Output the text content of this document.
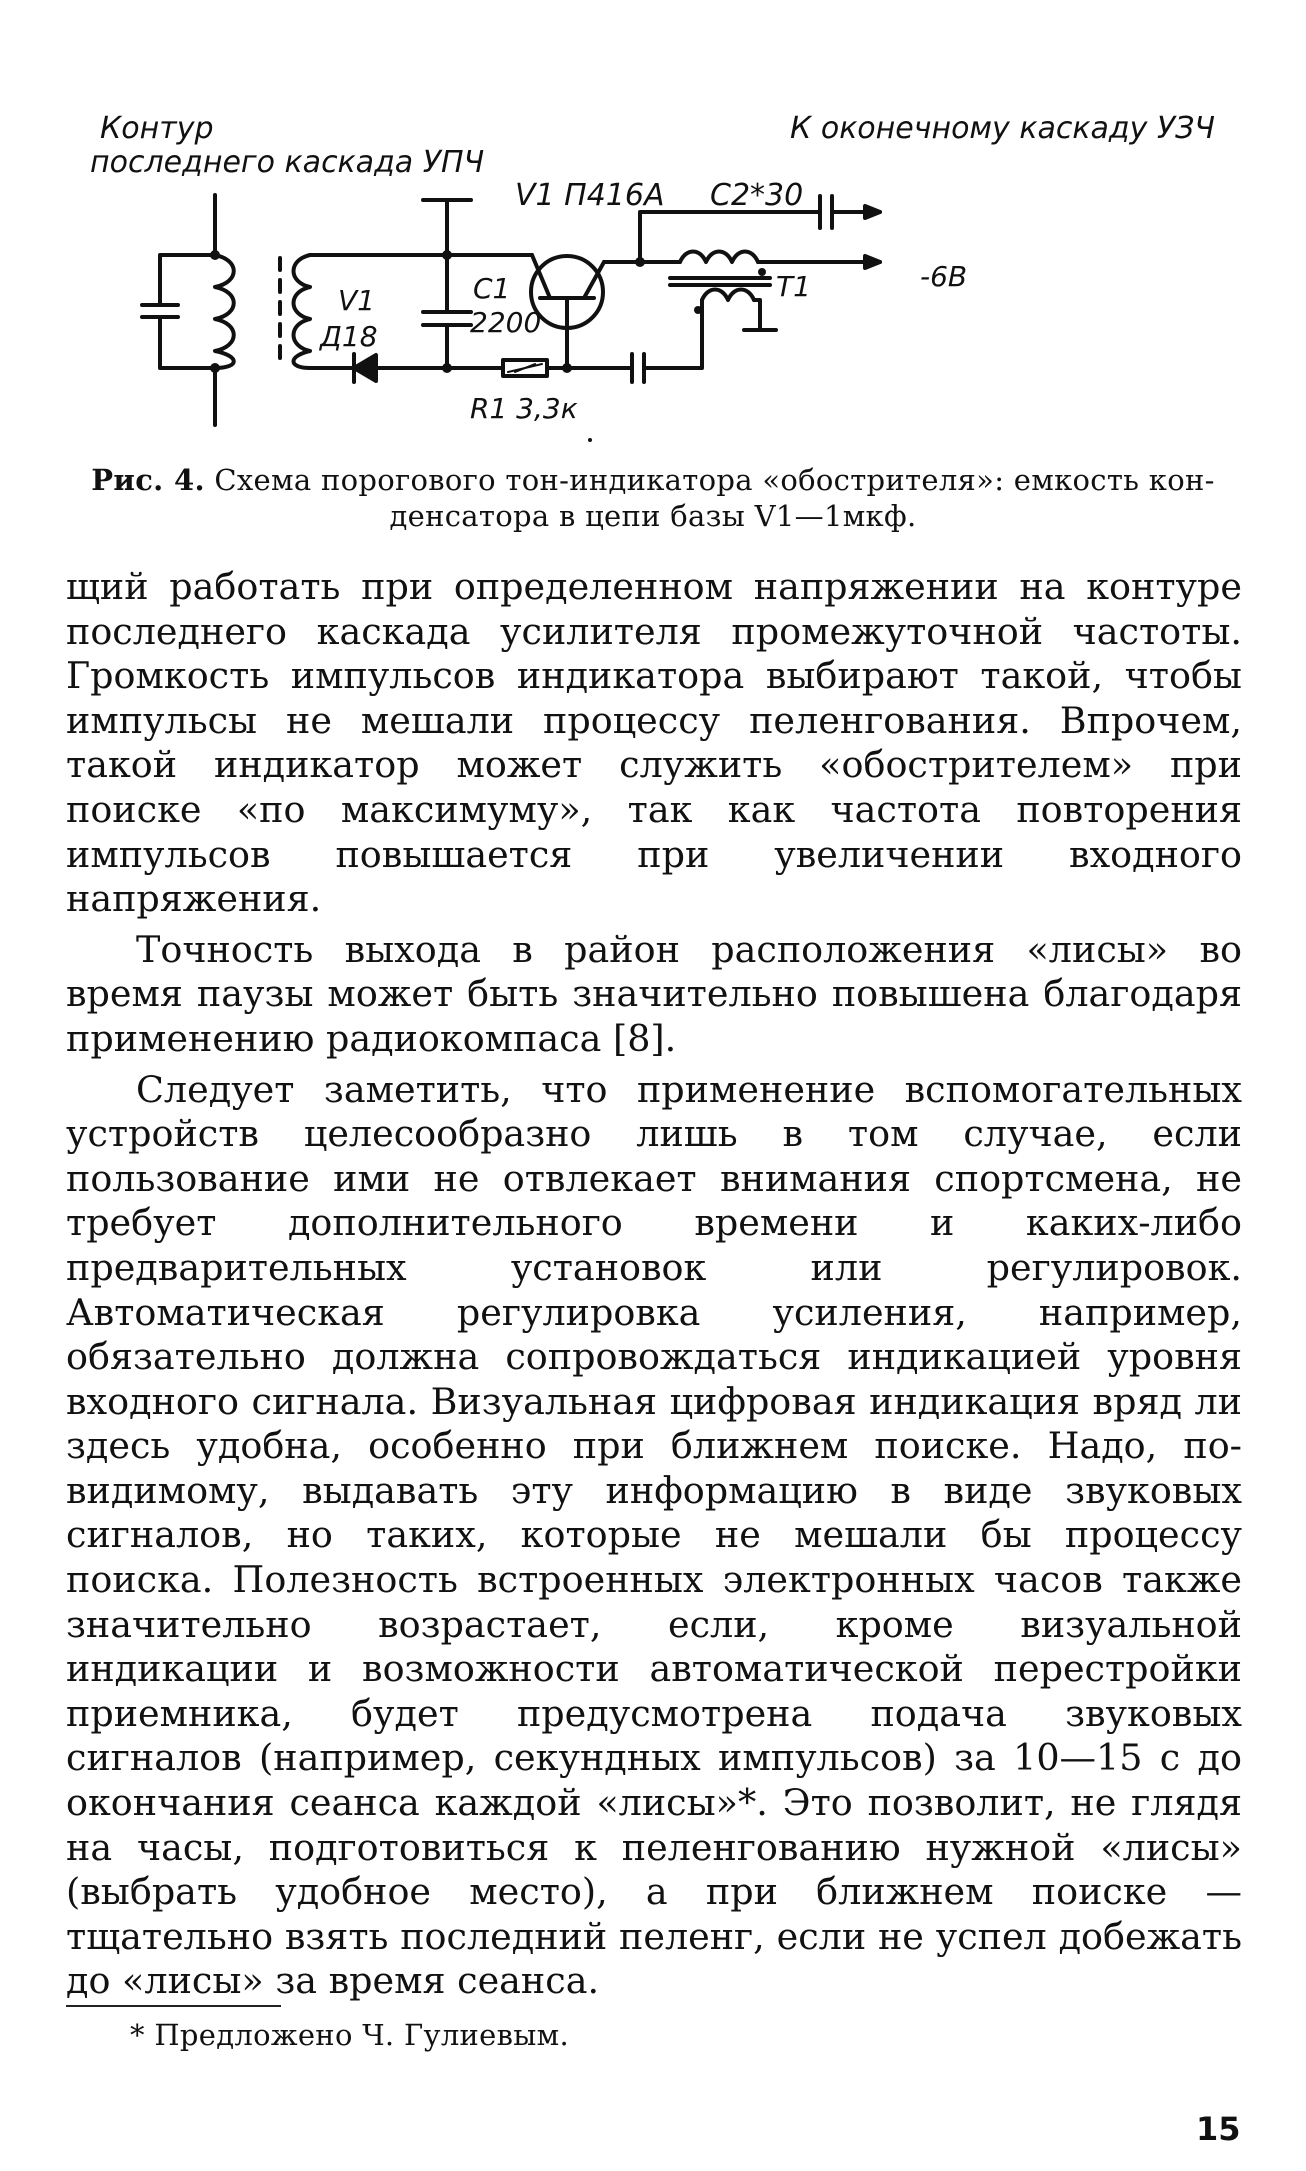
Контур
последнего каскада УПЧ
К оконечному каскаду УЗЧ
V1 П416А C2*30
C1
2200
V1
Д18
R1 3,3к
T1	-6В
Рис. 4. Схема порогового тон-индикатора «обострителя»: емкость кон-
денсатора в цепи базы V1—1мкф.

щий работать при определенном напряжении на контуре последнего каскада усилителя промежуточной частоты. Громкость импульсов индикатора выбирают такой, чтобы импульсы не мешали процессу пеленгования. Впрочем, такой индикатор может служить «обострителем» при поиске «по максимуму», так как частота повторения импульсов повышается при увеличении входного напряжения.

Точность выхода в район расположения «лисы» во время паузы может быть значительно повышена благодаря применению радиокомпаса [8].

Следует заметить, что применение вспомогательных устройств целесообразно лишь в том случае, если пользование ими не отвлекает внимания спортсмена, не требует дополнительного времени и каких-либо предварительных установок или регулировок. Автоматическая регулировка усиления, например, обязательно должна сопровождаться индикацией уровня входного сигнала. Визуальная цифровая индикация вряд ли здесь удобна, особенно при ближнем поиске. Надо, по-видимому, выдавать эту информацию в виде звуковых сигналов, но таких, которые не мешали бы процессу поиска. Полезность встроенных электронных часов также значительно возрастает, если, кроме визуальной индикации и возможности автоматической перестройки приемника, будет предусмотрена подача звуковых сигналов (например, секундных импульсов) за 10—15 с до окончания сеанса каждой «лисы»*. Это позволит, не глядя на часы, подготовиться к пеленгованию нужной «лисы» (выбрать удобное место), а при ближнем поиске — тщательно взять последний пеленг, если не успел добежать до «лисы» за время сеанса.

* Предложено Ч. Гулиевым.
15
